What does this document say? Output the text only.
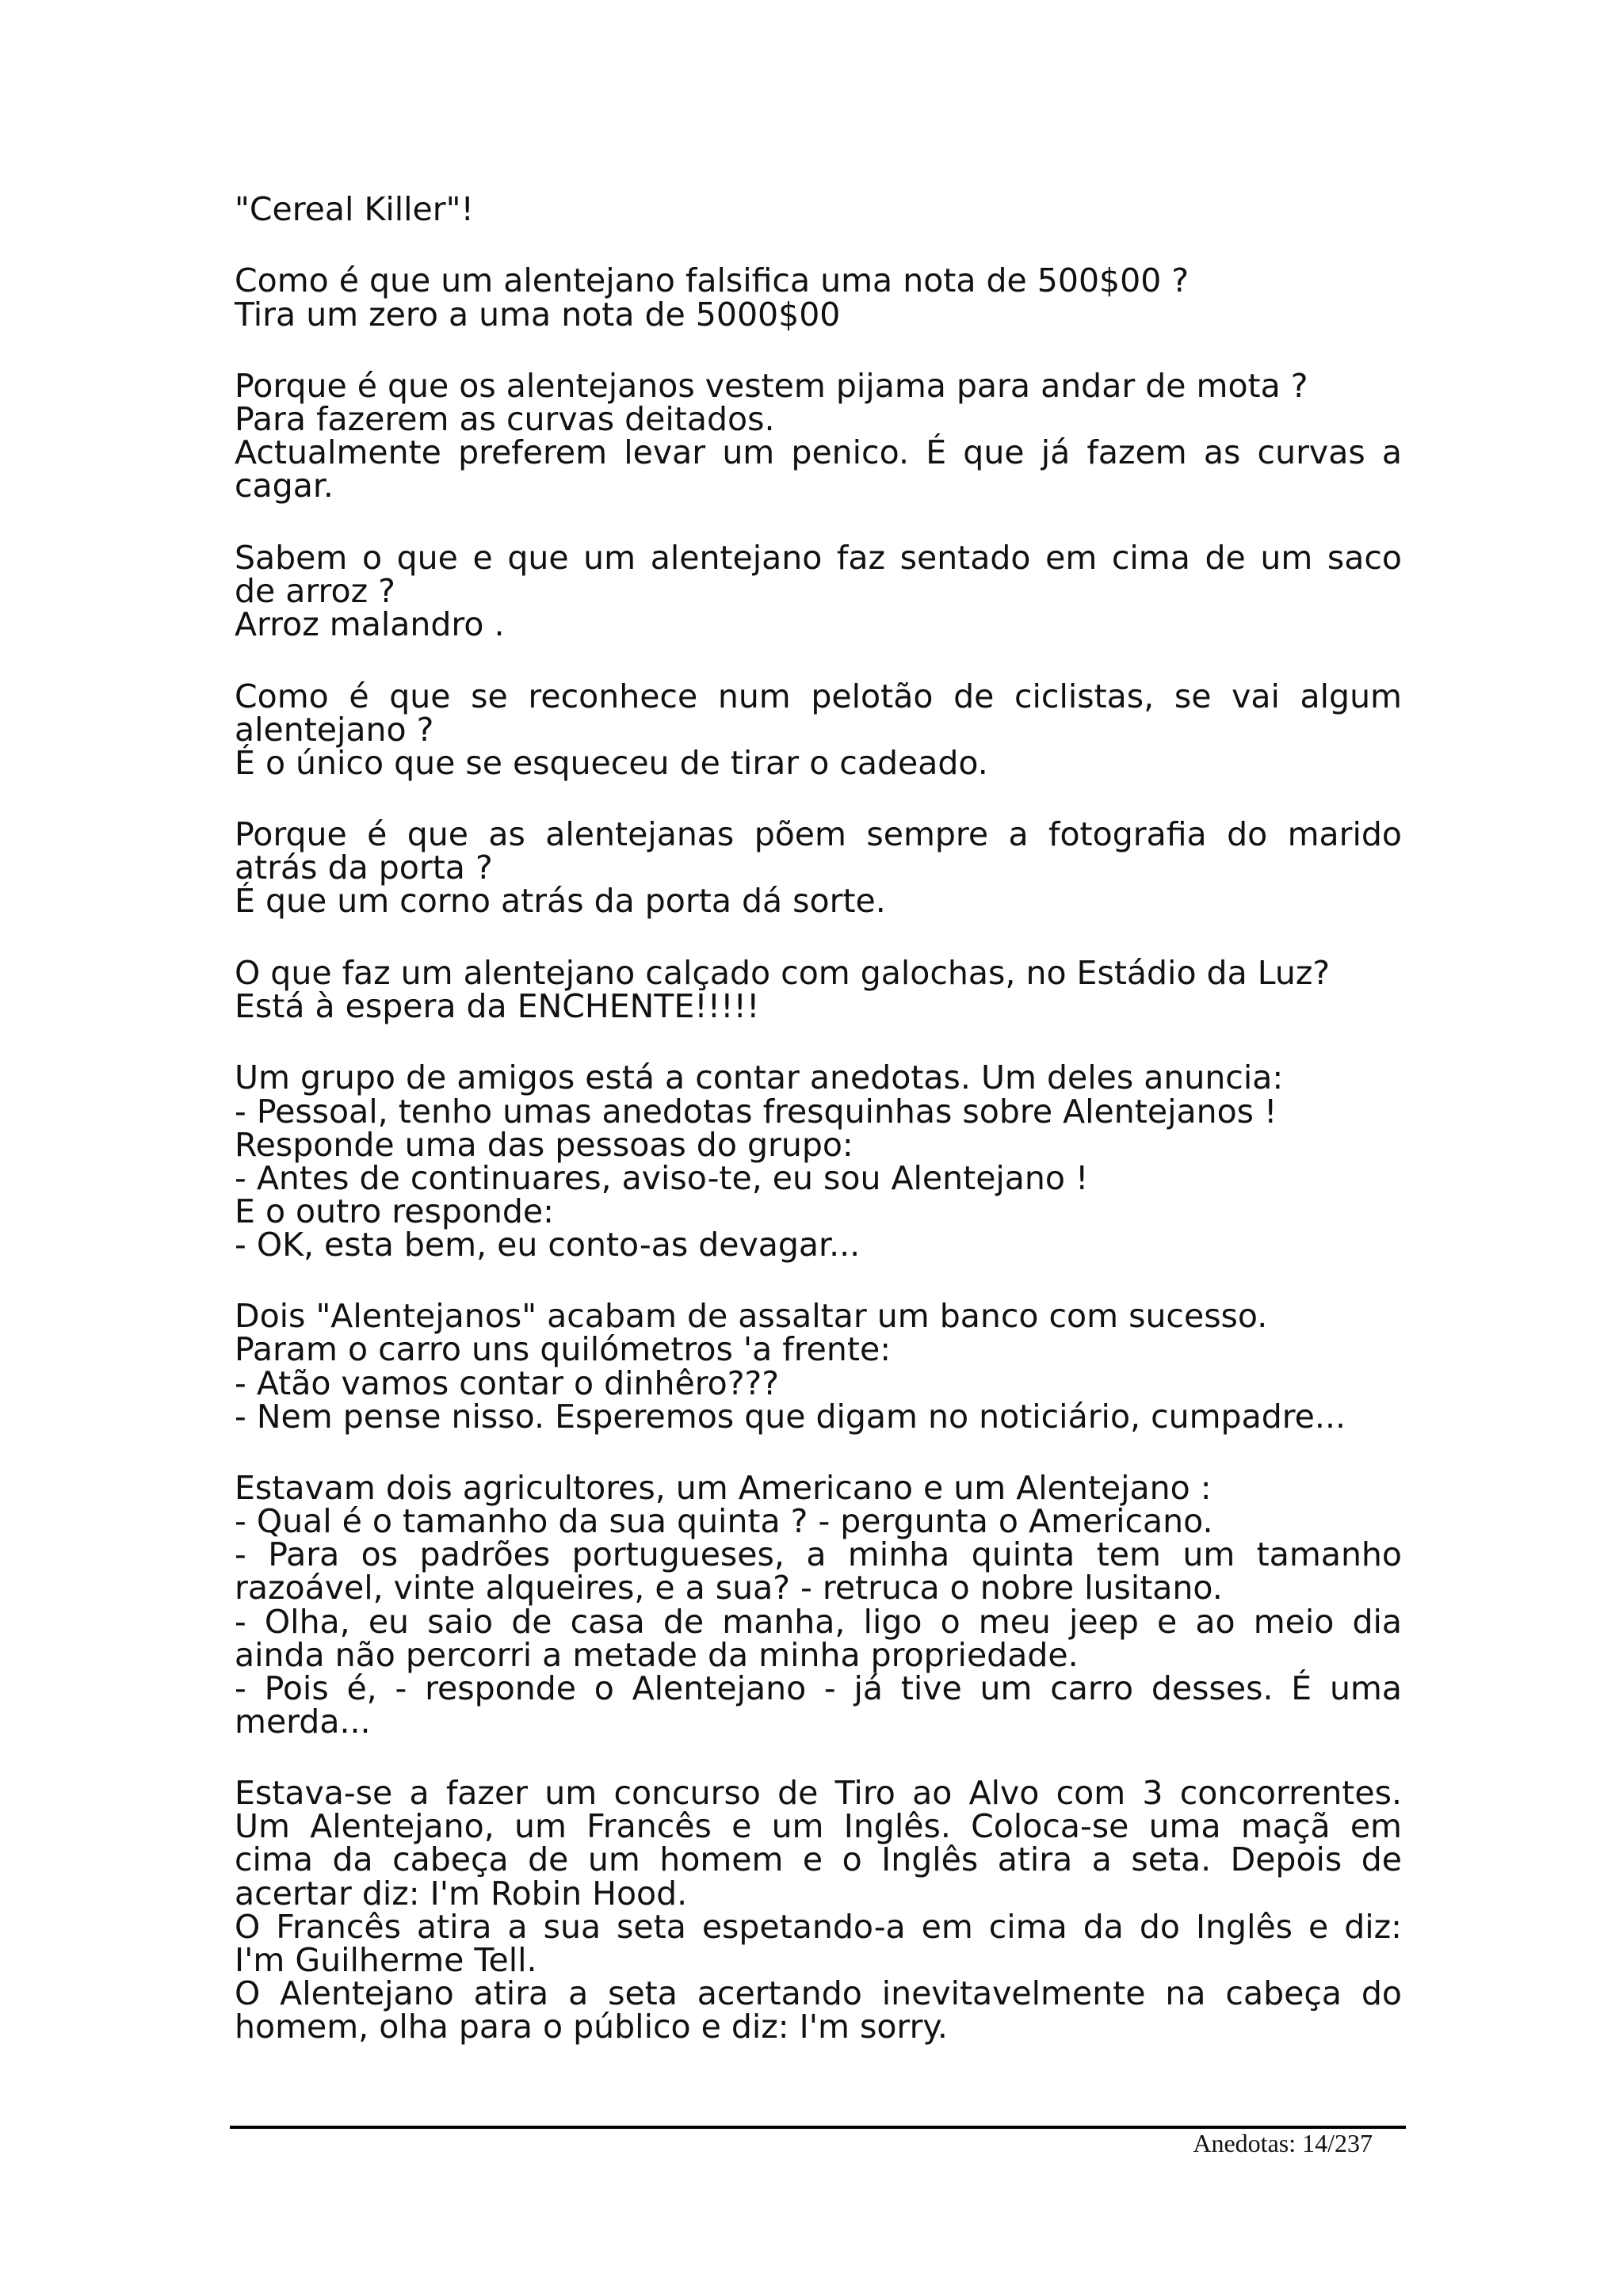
"Cereal Killer"!
Como é que um alentejano falsifica uma nota de 500$00 ?
Tira um zero a uma nota de 5000$00
Porque é que os alentejanos vestem pijama para andar de mota ?
Para fazerem as curvas deitados.
Actualmente preferem levar um penico. É que já fazem as curvas a
cagar.
Sabem o que e que um alentejano faz sentado em cima de um saco
de arroz ?
Arroz malandro .
Como é que se reconhece num pelotão de ciclistas, se vai algum
alentejano ?
É o único que se esqueceu de tirar o cadeado.
Porque é que as alentejanas põem sempre a fotografia do marido
atrás da porta ?
É que um corno atrás da porta dá sorte.
O que faz um alentejano calçado com galochas, no Estádio da Luz?
Está à espera da ENCHENTE!!!!!
Um grupo de amigos está a contar anedotas. Um deles anuncia:
- Pessoal, tenho umas anedotas fresquinhas sobre Alentejanos !
Responde uma das pessoas do grupo:
- Antes de continuares, aviso-te, eu sou Alentejano !
E o outro responde:
- OK, esta bem, eu conto-as devagar...
Dois "Alentejanos" acabam de assaltar um banco com sucesso.
Param o carro uns quilómetros 'a frente:
- Atão vamos contar o dinhêro???
- Nem pense nisso. Esperemos que digam no noticiário, cumpadre...
Estavam dois agricultores, um Americano e um Alentejano :
- Qual é o tamanho da sua quinta ? - pergunta o Americano.
- Para os padrões portugueses, a minha quinta tem um tamanho
razoável, vinte alqueires, e a sua? - retruca o nobre lusitano.
- Olha, eu saio de casa de manha, ligo o meu jeep e ao meio dia
ainda não percorri a metade da minha propriedade.
- Pois é, - responde o Alentejano - já tive um carro desses. É uma
merda...
Estava-se a fazer um concurso de Tiro ao Alvo com 3 concorrentes.
Um Alentejano, um Francês e um Inglês. Coloca-se uma maçã em
cima da cabeça de um homem e o Inglês atira a seta. Depois de
acertar diz: I'm Robin Hood.
O Francês atira a sua seta espetando-a em cima da do Inglês e diz:
I'm Guilherme Tell.
O Alentejano atira a seta acertando inevitavelmente na cabeça do
homem, olha para o público e diz: I'm sorry.
Anedotas: 14/237
